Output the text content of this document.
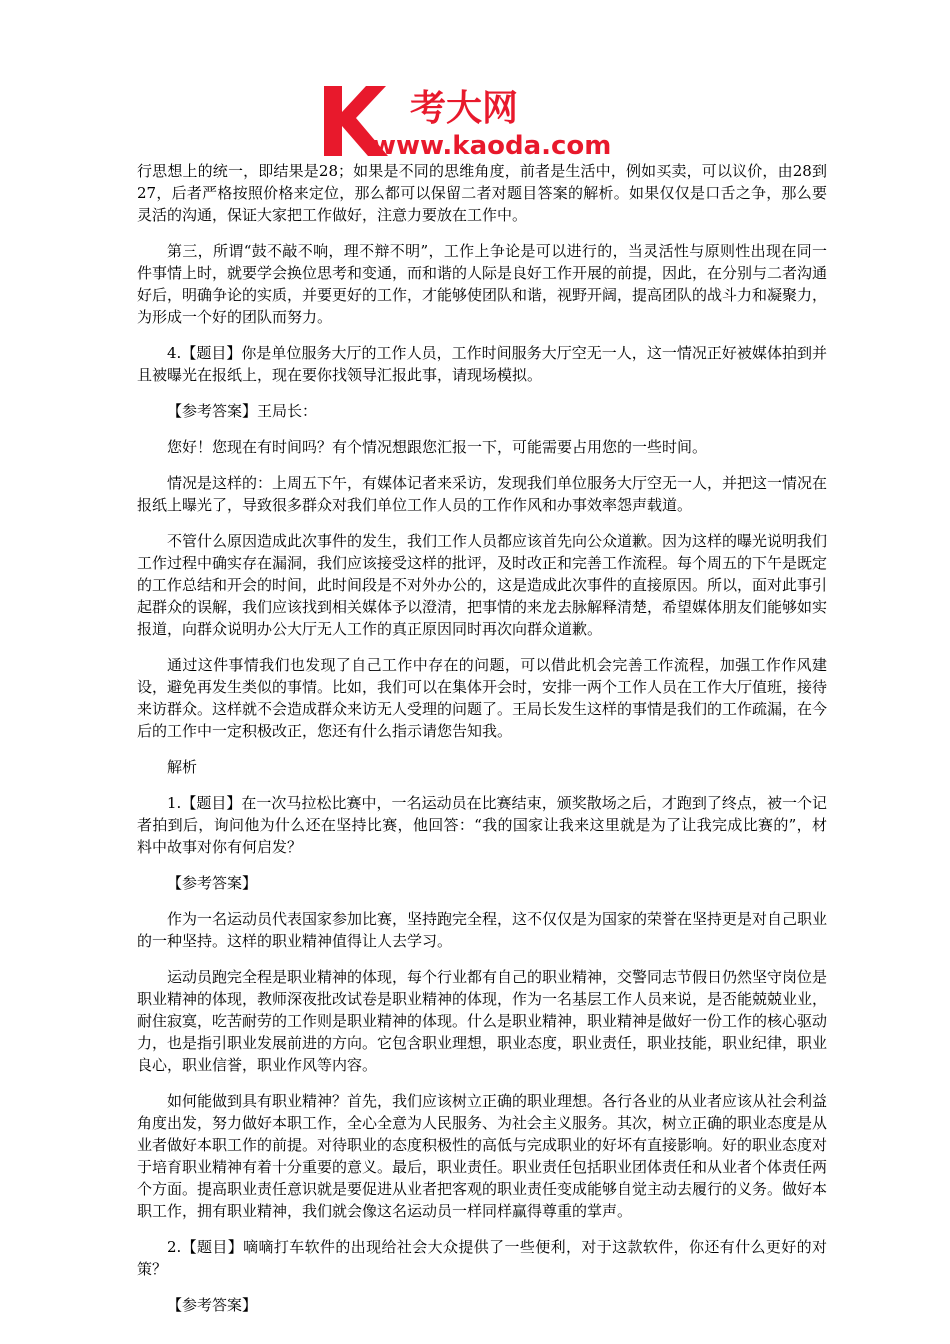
考大网
www.kaoda.com

行思想上的统一，即结果是28；如果是不同的思维角度，前者是生活中，例如买卖，可以议价，由28到27，后者严格按照价格来定位，那么都可以保留二者对题目答案的解析。如果仅仅是口舌之争，那么要灵活的沟通，保证大家把工作做好，注意力要放在工作中。

第三，所谓“鼓不敲不响，理不辩不明”，工作上争论是可以进行的，当灵活性与原则性出现在同一件事情上时，就要学会换位思考和变通，而和谐的人际是良好工作开展的前提，因此，在分别与二者沟通好后，明确争论的实质，并要更好的工作，才能够使团队和谐，视野开阔，提高团队的战斗力和凝聚力，为形成一个好的团队而努力。

4.【题目】你是单位服务大厅的工作人员，工作时间服务大厅空无一人，这一情况正好被媒体拍到并且被曝光在报纸上，现在要你找领导汇报此事，请现场模拟。

【参考答案】王局长：

您好！您现在有时间吗？有个情况想跟您汇报一下，可能需要占用您的一些时间。

情况是这样的：上周五下午，有媒体记者来采访，发现我们单位服务大厅空无一人，并把这一情况在报纸上曝光了，导致很多群众对我们单位工作人员的工作作风和办事效率怨声载道。

不管什么原因造成此次事件的发生，我们工作人员都应该首先向公众道歉。因为这样的曝光说明我们工作过程中确实存在漏洞，我们应该接受这样的批评，及时改正和完善工作流程。每个周五的下午是既定的工作总结和开会的时间，此时间段是不对外办公的，这是造成此次事件的直接原因。所以，面对此事引起群众的误解，我们应该找到相关媒体予以澄清，把事情的来龙去脉解释清楚，希望媒体朋友们能够如实报道，向群众说明办公大厅无人工作的真正原因同时再次向群众道歉。

通过这件事情我们也发现了自己工作中存在的问题，可以借此机会完善工作流程，加强工作作风建设，避免再发生类似的事情。比如，我们可以在集体开会时，安排一两个工作人员在工作大厅值班，接待来访群众。这样就不会造成群众来访无人受理的问题了。王局长发生这样的事情是我们的工作疏漏，在今后的工作中一定积极改正，您还有什么指示请您告知我。

解析

1.【题目】在一次马拉松比赛中，一名运动员在比赛结束，颁奖散场之后，才跑到了终点，被一个记者拍到后，询问他为什么还在坚持比赛，他回答：“我的国家让我来这里就是为了让我完成比赛的”，材料中故事对你有何启发？

【参考答案】

作为一名运动员代表国家参加比赛，坚持跑完全程，这不仅仅是为国家的荣誉在坚持更是对自己职业的一种坚持。这样的职业精神值得让人去学习。

运动员跑完全程是职业精神的体现，每个行业都有自己的职业精神，交警同志节假日仍然坚守岗位是职业精神的体现，教师深夜批改试卷是职业精神的体现，作为一名基层工作人员来说，是否能兢兢业业，耐住寂寞，吃苦耐劳的工作则是职业精神的体现。什么是职业精神，职业精神是做好一份工作的核心驱动力，也是指引职业发展前进的方向。它包含职业理想，职业态度，职业责任，职业技能，职业纪律，职业良心，职业信誉，职业作风等内容。

如何能做到具有职业精神？首先，我们应该树立正确的职业理想。各行各业的从业者应该从社会利益角度出发，努力做好本职工作，全心全意为人民服务、为社会主义服务。其次，树立正确的职业态度是从业者做好本职工作的前提。对待职业的态度积极性的高低与完成职业的好坏有直接影响。好的职业态度对于培育职业精神有着十分重要的意义。最后，职业责任。职业责任包括职业团体责任和从业者个体责任两个方面。提高职业责任意识就是要促进从业者把客观的职业责任变成能够自觉主动去履行的义务。做好本职工作，拥有职业精神，我们就会像这名运动员一样同样赢得尊重的掌声。

2.【题目】嘀嘀打车软件的出现给社会大众提供了一些便利，对于这款软件，你还有什么更好的对策？

【参考答案】
